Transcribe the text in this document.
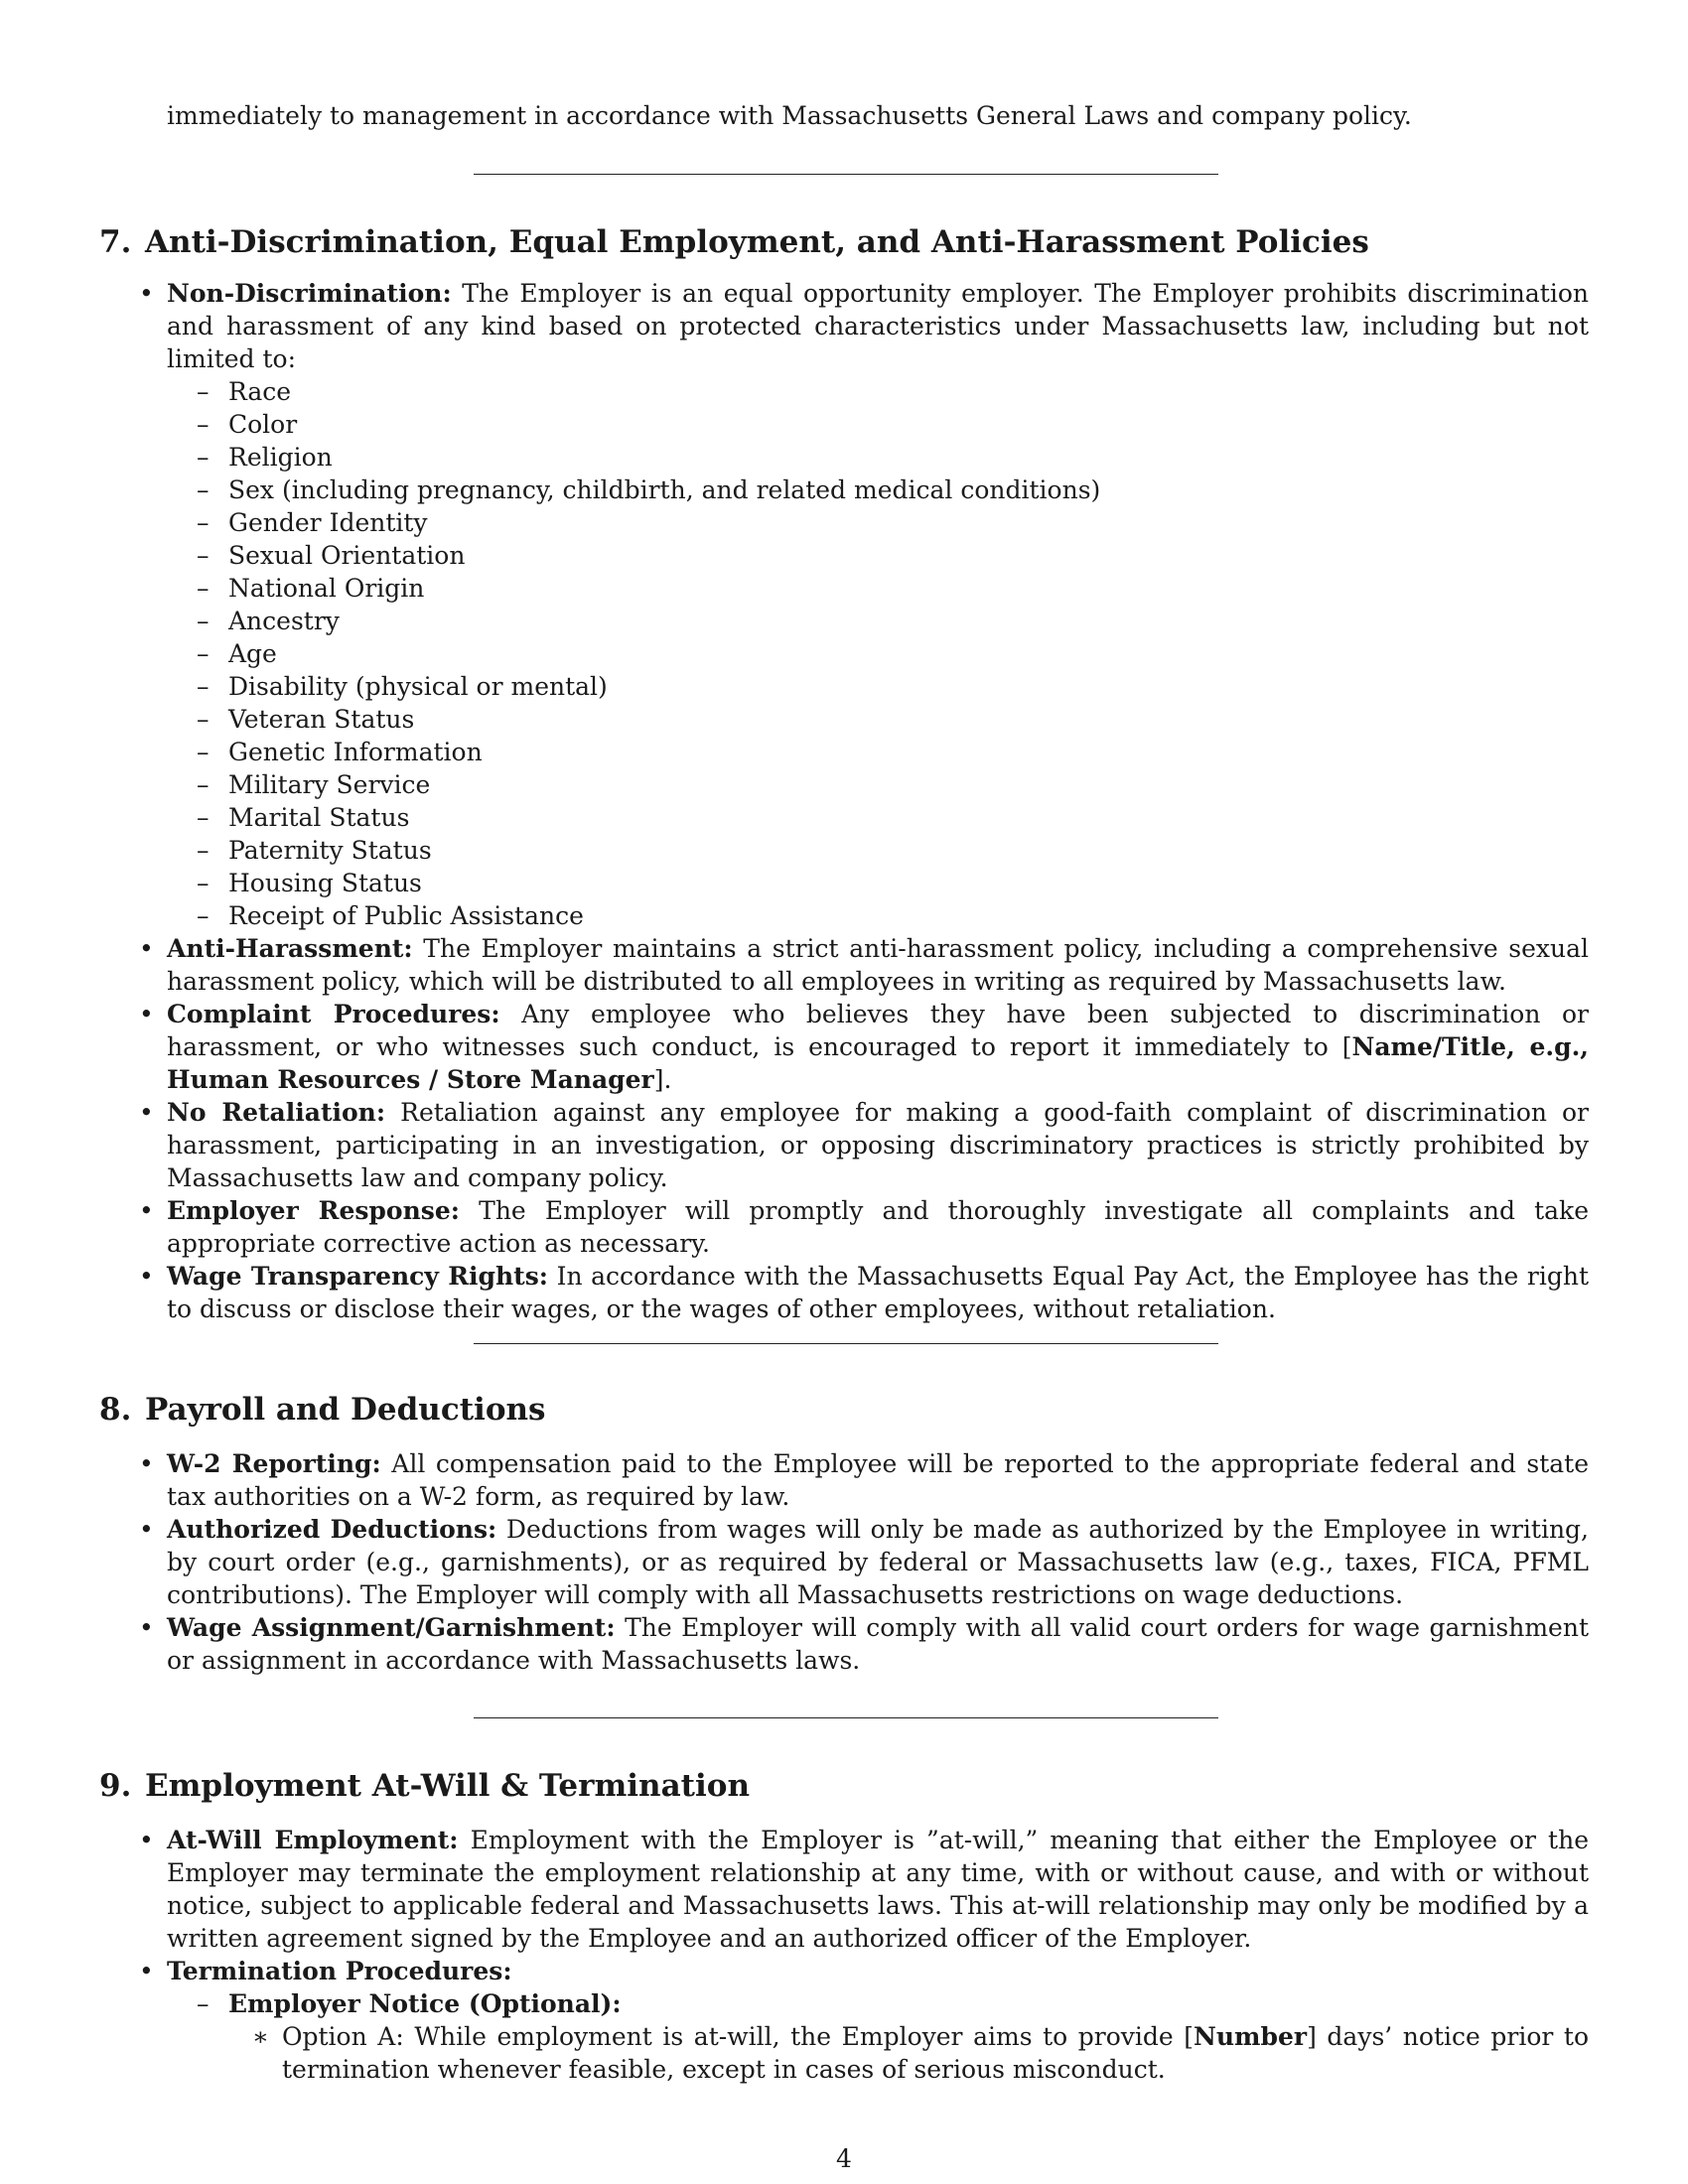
immediately to management in accordance with Massachusetts General Laws and company policy.

7. Anti-Discrimination, Equal Employment, and Anti-Harassment Policies
• Non-Discrimination: The Employer is an equal opportunity employer. The Employer prohibits discrimination and harassment of any kind based on protected characteristics under Massachusetts law, including but not limited to:
– Race
– Color
– Religion
– Sex (including pregnancy, childbirth, and related medical conditions)
– Gender Identity
– Sexual Orientation
– National Origin
– Ancestry
– Age
– Disability (physical or mental)
– Veteran Status
– Genetic Information
– Military Service
– Marital Status
– Paternity Status
– Housing Status
– Receipt of Public Assistance
• Anti-Harassment: The Employer maintains a strict anti-harassment policy, including a comprehensive sexual harassment policy, which will be distributed to all employees in writing as required by Massachusetts law.
• Complaint Procedures: Any employee who believes they have been subjected to discrimination or harassment, or who witnesses such conduct, is encouraged to report it immediately to [Name/Title, e.g., Human Resources / Store Manager].
• No Retaliation: Retaliation against any employee for making a good-faith complaint of discrimination or harassment, participating in an investigation, or opposing discriminatory practices is strictly prohibited by Massachusetts law and company policy.
• Employer Response: The Employer will promptly and thoroughly investigate all complaints and take appropriate corrective action as necessary.
• Wage Transparency Rights: In accordance with the Massachusetts Equal Pay Act, the Employee has the right to discuss or disclose their wages, or the wages of other employees, without retaliation.
8. Payroll and Deductions
• W-2 Reporting: All compensation paid to the Employee will be reported to the appropriate federal and state tax authorities on a W-2 form, as required by law.
• Authorized Deductions: Deductions from wages will only be made as authorized by the Employee in writing, by court order (e.g., garnishments), or as required by federal or Massachusetts law (e.g., taxes, FICA, PFML contributions). The Employer will comply with all Massachusetts restrictions on wage deductions.
• Wage Assignment/Garnishment: The Employer will comply with all valid court orders for wage garnishment or assignment in accordance with Massachusetts laws.
9. Employment At-Will & Termination
• At-Will Employment: Employment with the Employer is ”at-will,” meaning that either the Employee or the Employer may terminate the employment relationship at any time, with or without cause, and with or without notice, subject to applicable federal and Massachusetts laws. This at-will relationship may only be modified by a written agreement signed by the Employee and an authorized officer of the Employer.
• Termination Procedures:
– Employer Notice (Optional):
∗ Option A: While employment is at-will, the Employer aims to provide [Number] days’ notice prior to termination whenever feasible, except in cases of serious misconduct.
4
